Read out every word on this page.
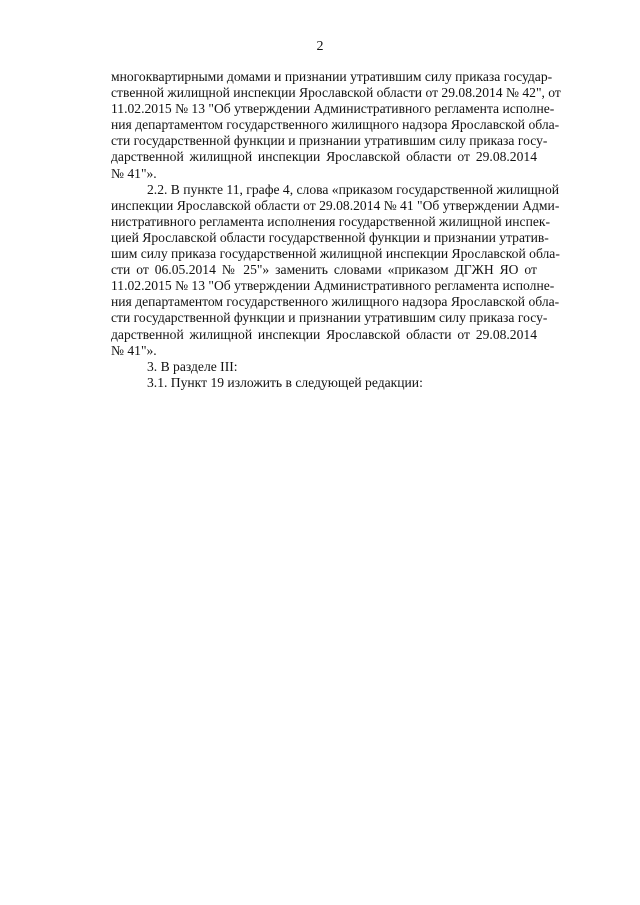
2
многоквартирными домами и признании утратившим силу приказа государ-
ственной жилищной инспекции Ярославской области от 29.08.2014 № 42", от
11.02.2015 № 13 "Об утверждении Административного регламента исполне-
ния департаментом государственного жилищного надзора Ярославской обла-
сти государственной функции и признании утратившим силу приказа госу-
дарственной жилищной инспекции Ярославской области от 29.08.2014
№ 41"».
2.2. В пункте 11, графе 4, слова «приказом государственной жилищной
инспекции Ярославской области от 29.08.2014 № 41 "Об утверждении Адми-
нистративного регламента исполнения государственной жилищной инспек-
цией Ярославской области государственной функции и признании утратив-
шим силу приказа государственной жилищной инспекции Ярославской обла-
сти от 06.05.2014 № 25"» заменить словами «приказом ДГЖН ЯО от
11.02.2015 № 13 "Об утверждении Административного регламента исполне-
ния департаментом государственного жилищного надзора Ярославской обла-
сти государственной функции и признании утратившим силу приказа госу-
дарственной жилищной инспекции Ярославской области от 29.08.2014
№ 41"».
3. В разделе III:
3.1. Пункт 19 изложить в следующей редакции:
